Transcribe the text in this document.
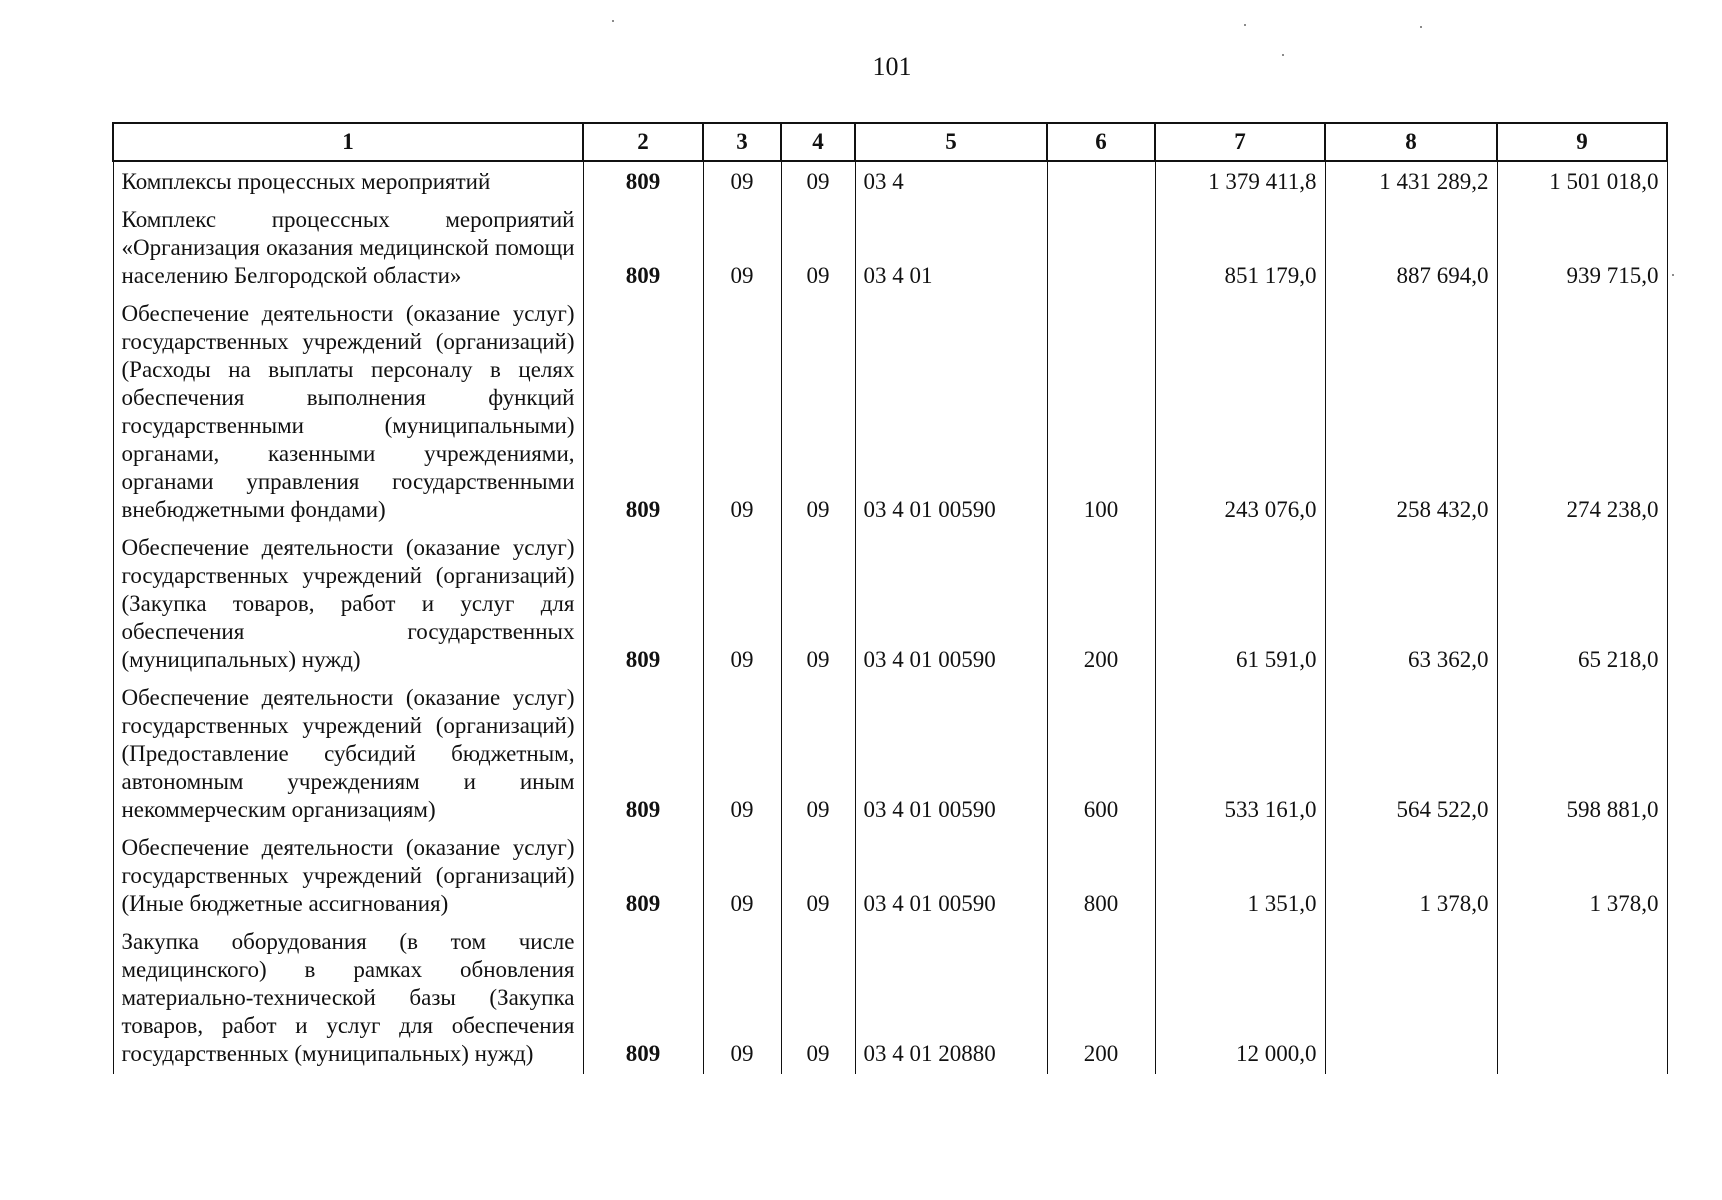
101
1	2	3	4	5	6	7	8	9
Комплексы процессных мероприятий	809	09	09	03 4		1 379 411,8	1 431 289,2	1 501 018,0
Комплекс процессных мероприятий «Организация оказания медицинской помощи населению Белгородской области»	809	09	09	03 4 01		851 179,0	887 694,0	939 715,0
Обеспечение деятельности (оказание услуг) государственных учреждений (организаций) (Расходы на выплаты персоналу в целях обеспечения выполнения функций государственными (муниципальными) органами, казенными учреждениями, органами управления государственными внебюджетными фондами)	809	09	09	03 4 01 00590	100	243 076,0	258 432,0	274 238,0
Обеспечение деятельности (оказание услуг) государственных учреждений (организаций) (Закупка товаров, работ и услуг для обеспечения государственных (муниципальных) нужд)	809	09	09	03 4 01 00590	200	61 591,0	63 362,0	65 218,0
Обеспечение деятельности (оказание услуг) государственных учреждений (организаций) (Предоставление субсидий бюджетным, автономным учреждениям и иным некоммерческим организациям)	809	09	09	03 4 01 00590	600	533 161,0	564 522,0	598 881,0
Обеспечение деятельности (оказание услуг) государственных учреждений (организаций) (Иные бюджетные ассигнования)	809	09	09	03 4 01 00590	800	1 351,0	1 378,0	1 378,0
Закупка оборудования (в том числе медицинского) в рамках обновления материально-технической базы (Закупка товаров, работ и услуг для обеспечения государственных (муниципальных) нужд)	809	09	09	03 4 01 20880	200	12 000,0		
